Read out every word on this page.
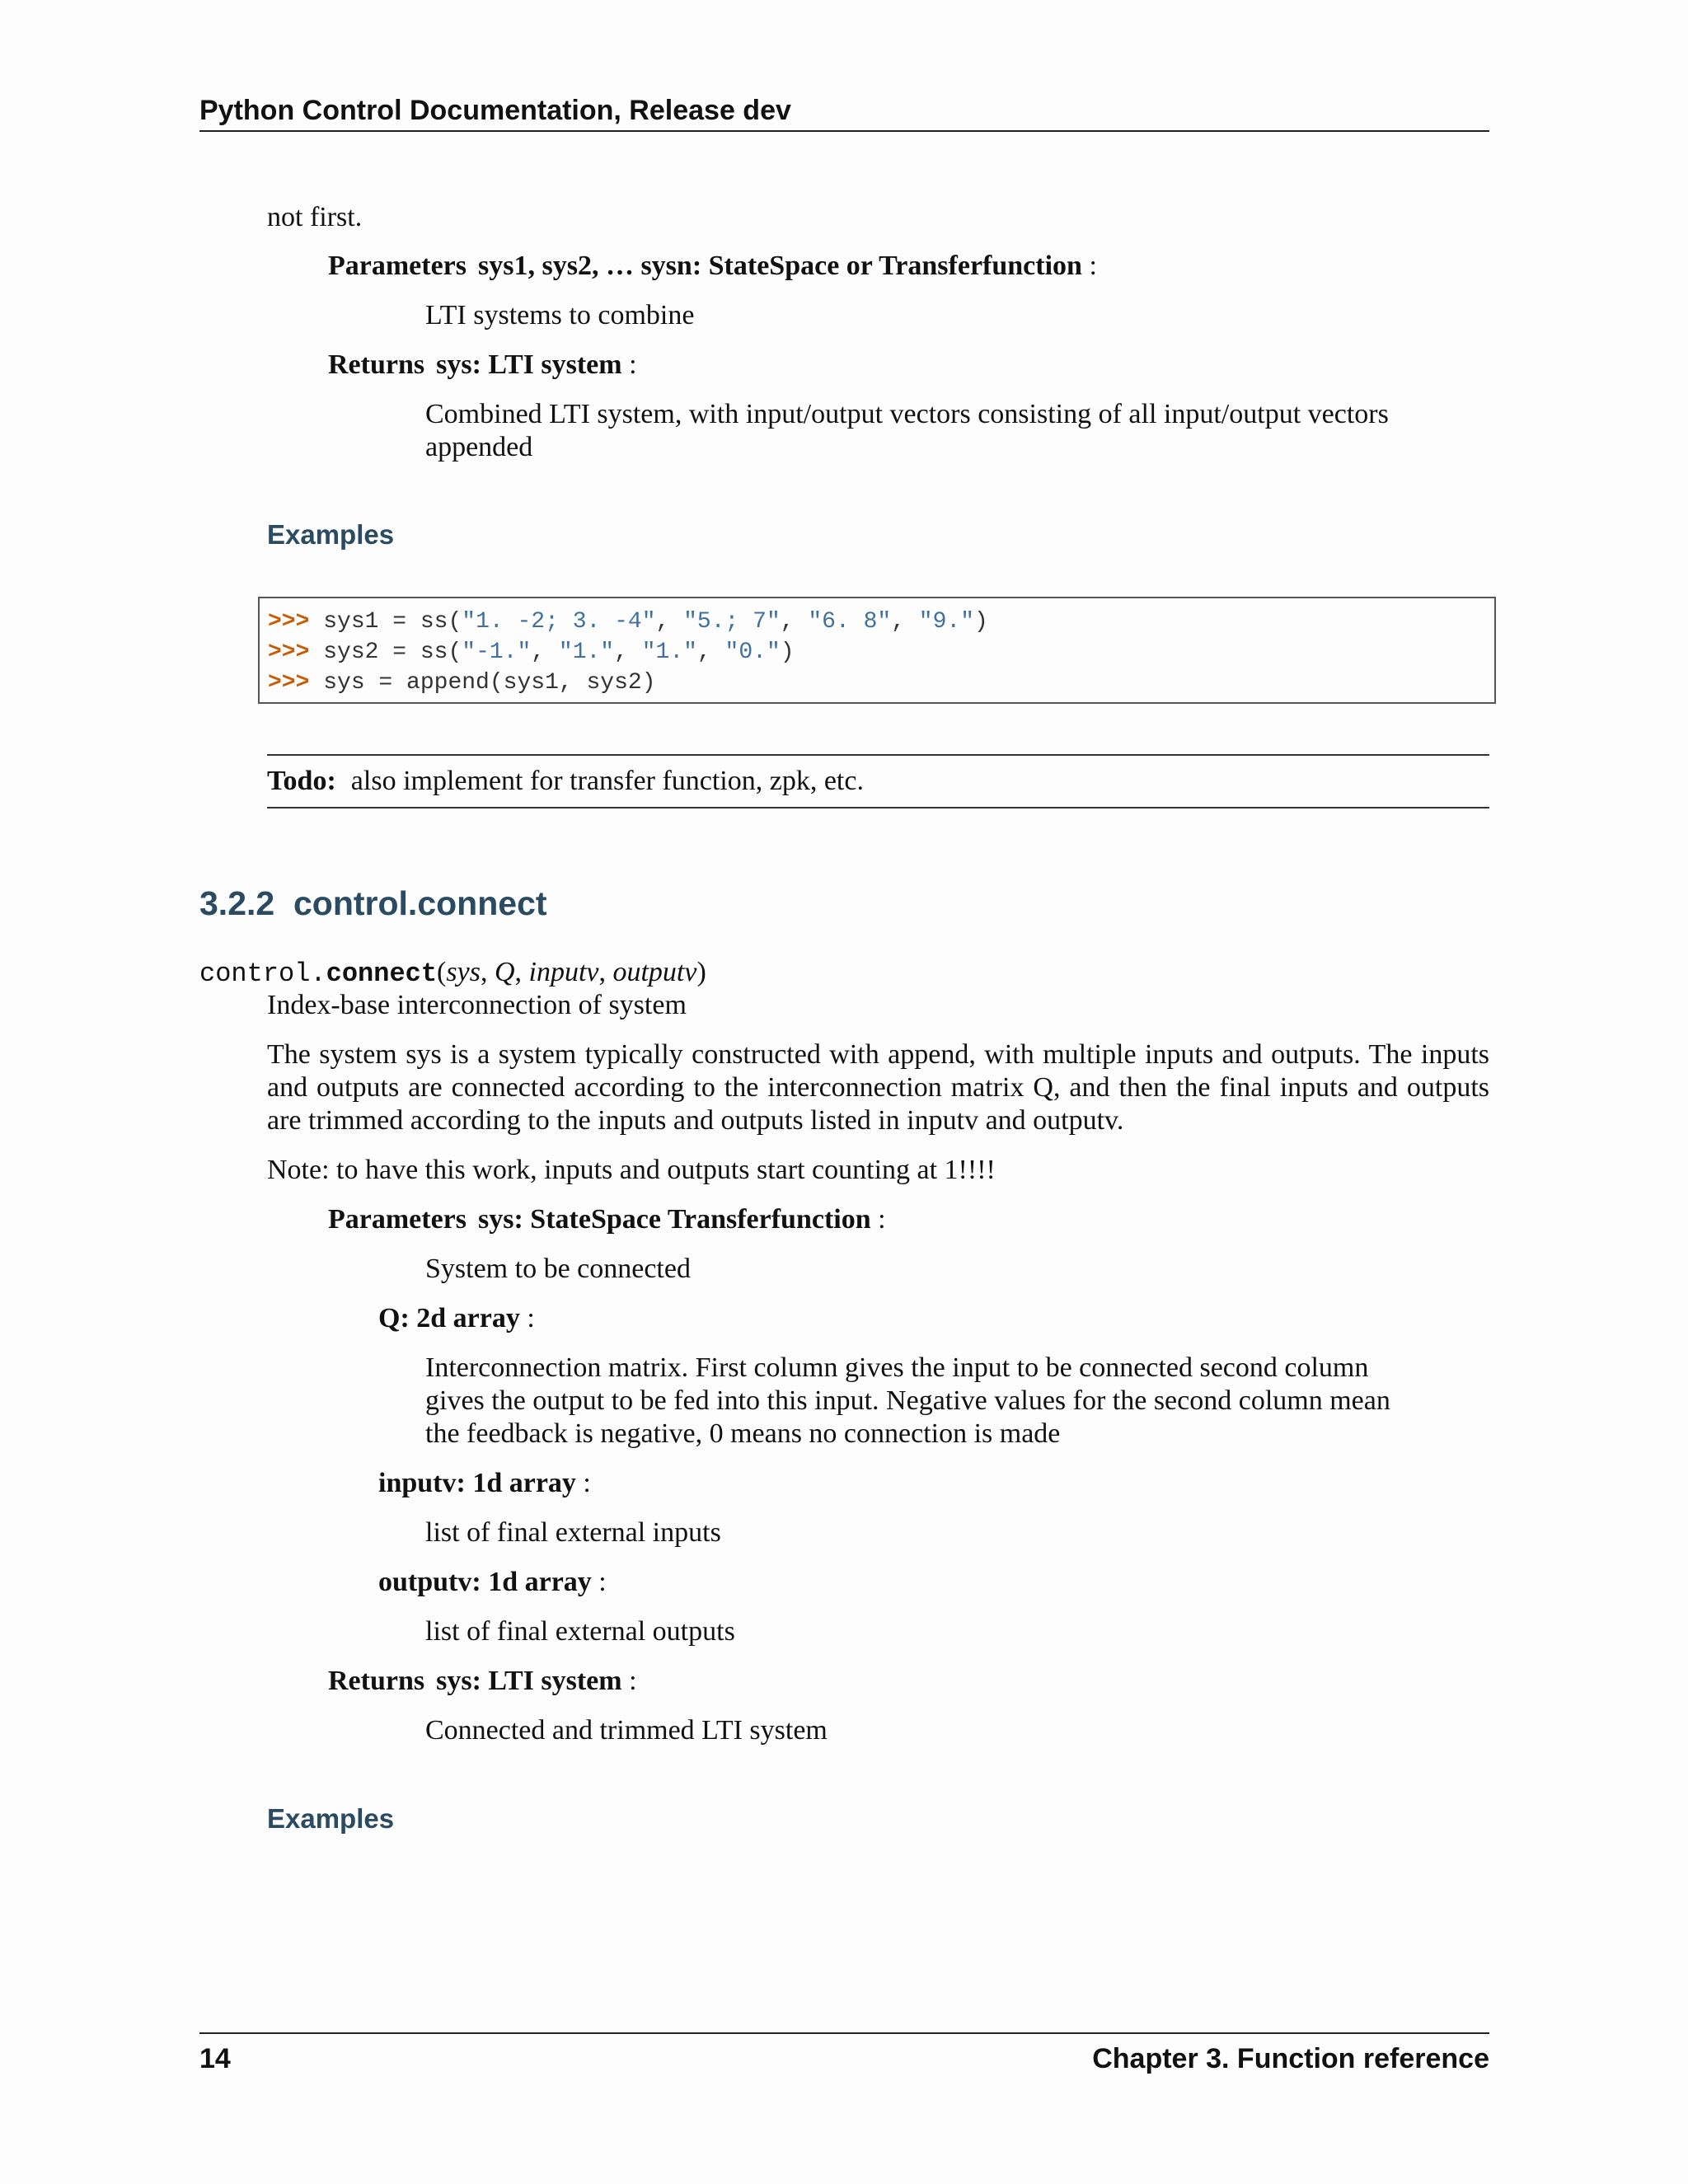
Python Control Documentation, Release dev
not first.
Parameters sys1, sys2, … sysn: StateSpace or Transferfunction :
LTI systems to combine
Returns sys: LTI system :
Combined LTI system, with input/output vectors consisting of all input/output vectors
appended
Examples
>>> sys1 = ss("1. -2; 3. -4", "5.; 7", "6. 8", "9.")
>>> sys2 = ss("-1.", "1.", "1.", "0.")
>>> sys = append(sys1, sys2)
Todo: also implement for transfer function, zpk, etc.
3.2.2 control.connect
control.connect(sys, Q, inputv, outputv)
Index-base interconnection of system
The system sys is a system typically constructed with append, with multiple inputs and outputs. The inputs and outputs are connected according to the interconnection matrix Q, and then the final inputs and outputs are trimmed according to the inputs and outputs listed in inputv and outputv.
Note: to have this work, inputs and outputs start counting at 1!!!!
Parameters sys: StateSpace Transferfunction :
System to be connected
Q: 2d array :
Interconnection matrix. First column gives the input to be connected second column
gives the output to be fed into this input. Negative values for the second column mean
the feedback is negative, 0 means no connection is made
inputv: 1d array :
list of final external inputs
outputv: 1d array :
list of final external outputs
Returns sys: LTI system :
Connected and trimmed LTI system
Examples
14	Chapter 3. Function reference
